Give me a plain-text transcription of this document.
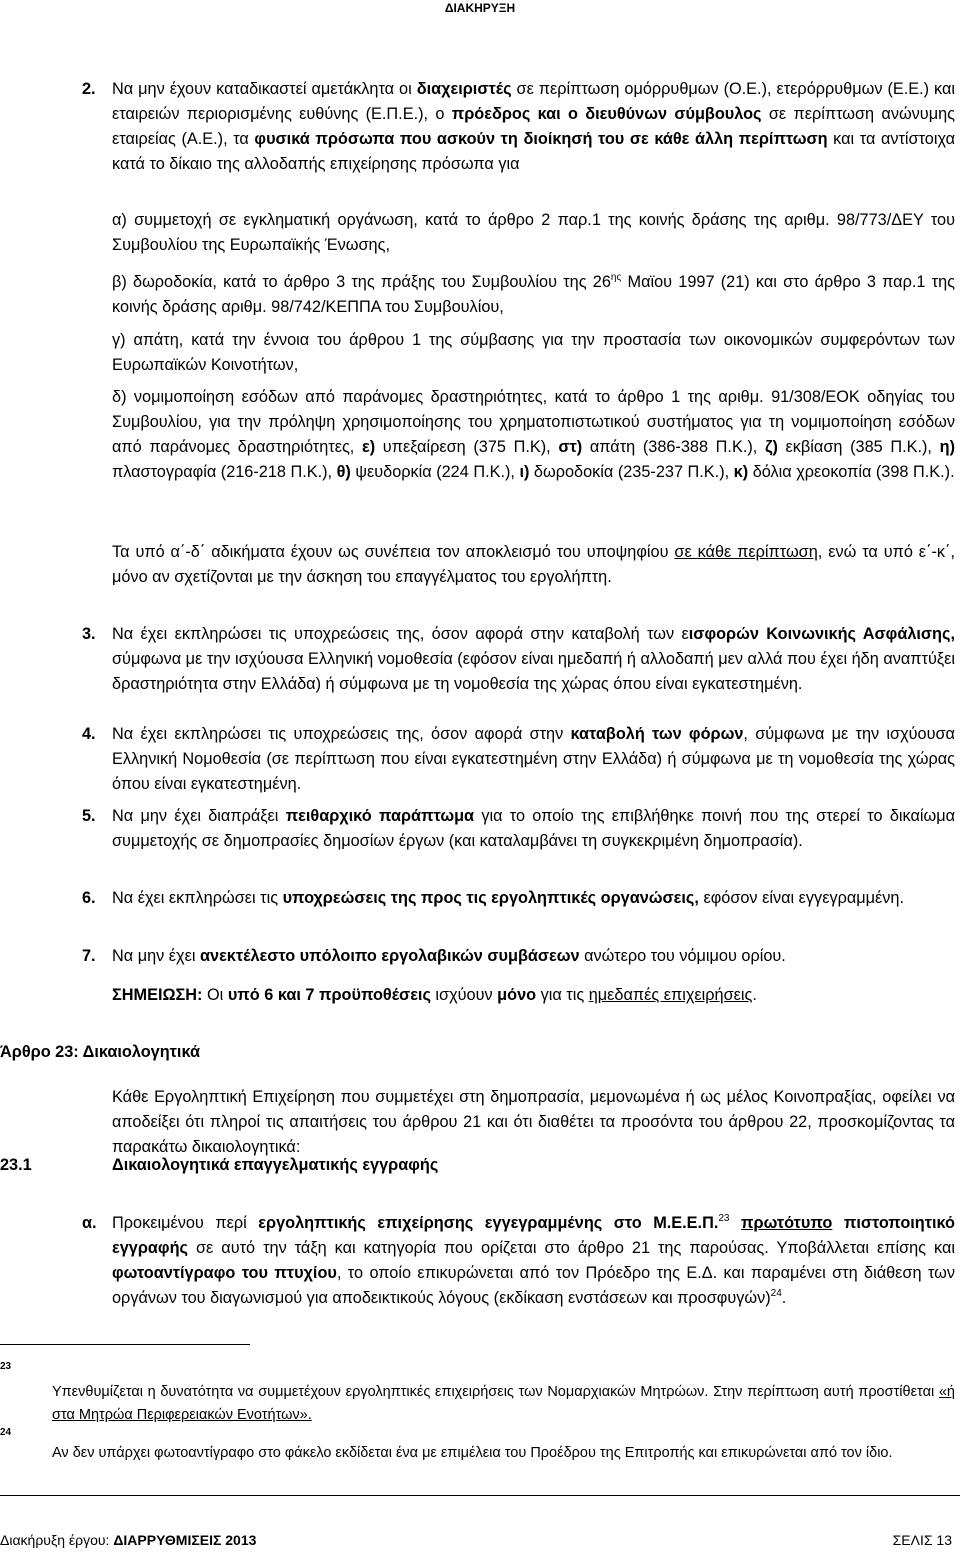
ΔΙΑΚΗΡΥΞΗ
2. Να μην έχουν καταδικαστεί αμετάκλητα οι διαχειριστές σε περίπτωση ομόρρυθμων (Ο.Ε.), ετερόρρυθμων (Ε.Ε.) και εταιρειών περιορισμένης ευθύνης (Ε.Π.Ε.), ο πρόεδρος και ο διευθύνων σύμβουλος σε περίπτωση ανώνυμης εταιρείας (Α.Ε.), τα φυσικά πρόσωπα που ασκούν τη διοίκησή του σε κάθε άλλη περίπτωση και τα αντίστοιχα κατά το δίκαιο της αλλοδαπής επιχείρησης πρόσωπα για
α) συμμετοχή σε εγκληματική οργάνωση, κατά το άρθρο 2 παρ.1 της κοινής δράσης της αριθμ. 98/773/ΔΕΥ του Συμβουλίου της Ευρωπαϊκής Ένωσης,
β) δωροδοκία, κατά το άρθρο 3 της πράξης του Συμβουλίου της $26^{\eta\varsigma}$ Μαϊου 1997 (21) και στο άρθρο 3 παρ.1 της κοινής δράσης αριθμ. 98/742/ΚΕΠΠΑ του Συμβουλίου,
γ) απάτη, κατά την έννοια του άρθρου 1 της σύμβασης για την προστασία των οικονομικών συμφερόντων των Ευρωπαϊκών Κοινοτήτων,
δ) νομιμοποίηση εσόδων από παράνομες δραστηριότητες, κατά το άρθρο 1 της αριθμ. 91/308/ΕΟΚ οδηγίας του Συμβουλίου, για την πρόληψη χρησιμοποίησης του χρηματοπιστωτικού συστήματος για τη νομιμοποίηση εσόδων από παράνομες δραστηριότητες, ε) υπεξαίρεση (375 Π.Κ), στ) απάτη (386-388 Π.Κ.), ζ) εκβίαση (385 Π.Κ.), η) πλαστογραφία (216-218 Π.Κ.), θ) ψευδορκία (224 Π.Κ.), ι) δωροδοκία (235-237 Π.Κ.), κ) δόλια χρεοκοπία (398 Π.Κ.).
Τα υπό α΄-δ΄ αδικήματα έχουν ως συνέπεια τον αποκλεισμό του υποψηφίου σε κάθε περίπτωση, ενώ τα υπό ε΄-κ΄, μόνο αν σχετίζονται με την άσκηση του επαγγέλματος του εργολήπτη.
3. Να έχει εκπληρώσει τις υποχρεώσεις της, όσον αφορά στην καταβολή των εισφορών Κοινωνικής Ασφάλισης, σύμφωνα με την ισχύουσα Ελληνική νομοθεσία (εφόσον είναι ημεδαπή ή αλλοδαπή μεν αλλά που έχει ήδη αναπτύξει δραστηριότητα στην Ελλάδα) ή σύμφωνα με τη νομοθεσία της χώρας όπου είναι εγκατεστημένη.
4. Να έχει εκπληρώσει τις υποχρεώσεις της, όσον αφορά στην καταβολή των φόρων, σύμφωνα με την ισχύουσα Ελληνική Νομοθεσία (σε περίπτωση που είναι εγκατεστημένη στην Ελλάδα) ή σύμφωνα με τη νομοθεσία της χώρας όπου είναι εγκατεστημένη.
5. Να μην έχει διαπράξει πειθαρχικό παράπτωμα για το οποίο της επιβλήθηκε ποινή που της στερεί το δικαίωμα συμμετοχής σε δημοπρασίες δημοσίων έργων (και καταλαμβάνει τη συγκεκριμένη δημοπρασία).
6. Να έχει εκπληρώσει τις υποχρεώσεις της προς τις εργοληπτικές οργανώσεις, εφόσον είναι εγγεγραμμένη.
7. Να μην έχει ανεκτέλεστο υπόλοιπο εργολαβικών συμβάσεων ανώτερο του νόμιμου ορίου.
ΣΗΜΕΙΩΣΗ: Οι υπό 6 και 7 προϋποθέσεις ισχύουν μόνο για τις ημεδαπές επιχειρήσεις.
Άρθρο 23: Δικαιολογητικά
Κάθε Εργοληπτική Επιχείρηση που συμμετέχει στη δημοπρασία, μεμονωμένα ή ως μέλος Κοινοπραξίας, οφείλει να αποδείξει ότι πληροί τις απαιτήσεις του άρθρου 21 και ότι διαθέτει τα προσόντα του άρθρου 22, προσκομίζοντας τα παρακάτω δικαιολογητικά:
23.1	Δικαιολογητικά επαγγελματικής εγγραφής
α. Προκειμένου περί εργοληπτικής επιχείρησης εγγεγραμμένης στο Μ.Ε.Ε.Π.$^{23}$ πρωτότυπο πιστοποιητικό εγγραφής σε αυτό την τάξη και κατηγορία που ορίζεται στο άρθρο 21 της παρούσας. Υποβάλλεται επίσης και φωτοαντίγραφο του πτυχίου, το οποίο επικυρώνεται από τον Πρόεδρο της Ε.Δ. και παραμένει στη διάθεση των οργάνων του διαγωνισμού για αποδεικτικούς λόγους (εκδίκαση ενστάσεων και προσφυγών)$^{24}$.
23
Υπενθυμίζεται η δυνατότητα να συμμετέχουν εργοληπτικές επιχειρήσεις των Νομαρχιακών Μητρώων. Στην περίπτωση αυτή προστίθεται «ή στα Μητρώα Περιφερειακών Ενοτήτων».
24
Αν δεν υπάρχει φωτοαντίγραφο στο φάκελο εκδίδεται ένα με επιμέλεια του Προέδρου της Επιτροπής και επικυρώνεται από τον ίδιο.
Διακήρυξη έργου: ΔΙΑΡΡΥΘΜΙΣΕΙΣ 2013	ΣΕΛΙΣ 13
